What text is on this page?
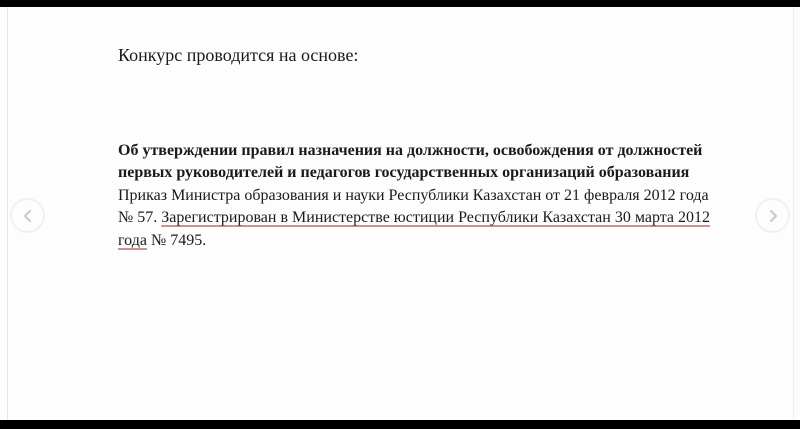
Конкурс проводится на основе:
Об утверждении правил назначения на должности, освобождения от должностей первых руководителей и педагогов государственных организаций образования
Приказ Министра образования и науки Республики Казахстан от 21 февраля 2012 года № 57. Зарегистрирован в Министерстве юстиции Республики Казахстан 30 марта 2012 года № 7495.
